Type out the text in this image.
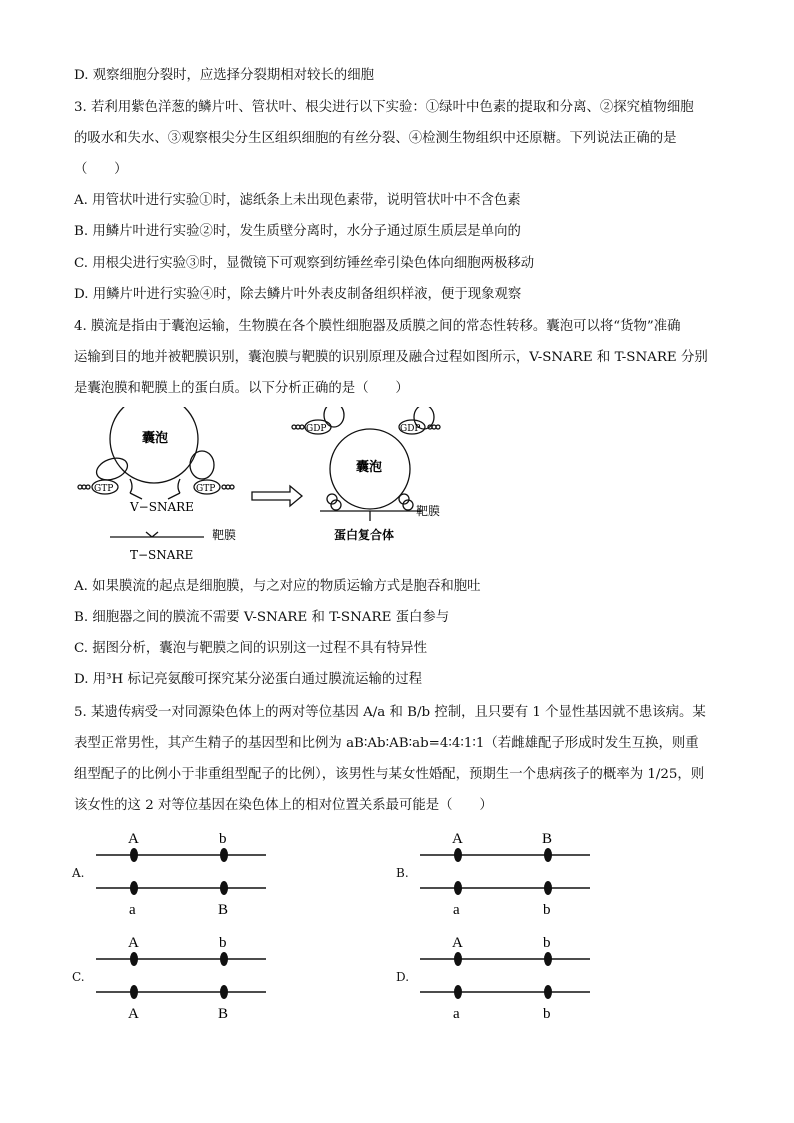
D. 观察细胞分裂时，应选择分裂期相对较长的细胞
3. 若利用紫色洋葱的鳞片叶、管状叶、根尖进行以下实验：①绿叶中色素的提取和分离、②探究植物细胞
的吸水和失水、③观察根尖分生区组织细胞的有丝分裂、④检测生物组织中还原糖。下列说法正确的是
（　　）
A. 用管状叶进行实验①时，滤纸条上未出现色素带，说明管状叶中不含色素
B. 用鳞片叶进行实验②时，发生质壁分离时，水分子通过原生质层是单向的
C. 用根尖进行实验③时，显微镜下可观察到纺锤丝牵引染色体向细胞两极移动
D. 用鳞片叶进行实验④时，除去鳞片叶外表皮制备组织样液，便于现象观察
4. 膜流是指由于囊泡运输，生物膜在各个膜性细胞器及质膜之间的常态性转移。囊泡可以将“货物”准确
运输到目的地并被靶膜识别，囊泡膜与靶膜的识别原理及融合过程如图所示，V-SNARE 和 T-SNARE 分别
是囊泡膜和靶膜上的蛋白质。以下分析正确的是（　　）
囊泡
GTP	GTP
V−SNARE
靶膜
T−SNARE
GDP	GDP
囊泡
靶膜
蛋白复合体
A. 如果膜流的起点是细胞膜，与之对应的物质运输方式是胞吞和胞吐
B. 细胞器之间的膜流不需要 V-SNARE 和 T-SNARE 蛋白参与
C. 据图分析，囊泡与靶膜之间的识别这一过程不具有特异性
D. 用³H 标记亮氨酸可探究某分泌蛋白通过膜流运输的过程
5. 某遗传病受一对同源染色体上的两对等位基因 A/a 和 B/b 控制，且只要有 1 个显性基因就不患该病。某
表型正常男性，其产生精子的基因型和比例为 aB∶Ab∶AB∶ab=4∶4∶1∶1（若雌雄配子形成时发生互换，则重
组型配子的比例小于非重组型配子的比例），该男性与某女性婚配，预期生一个患病孩子的概率为 1/25，则
该女性的这 2 对等位基因在染色体上的相对位置关系最可能是（　　）
A.
A	b
a	B
B.
A	B
a	b
C.
A	b
A	B
D.
A	b
a	b
